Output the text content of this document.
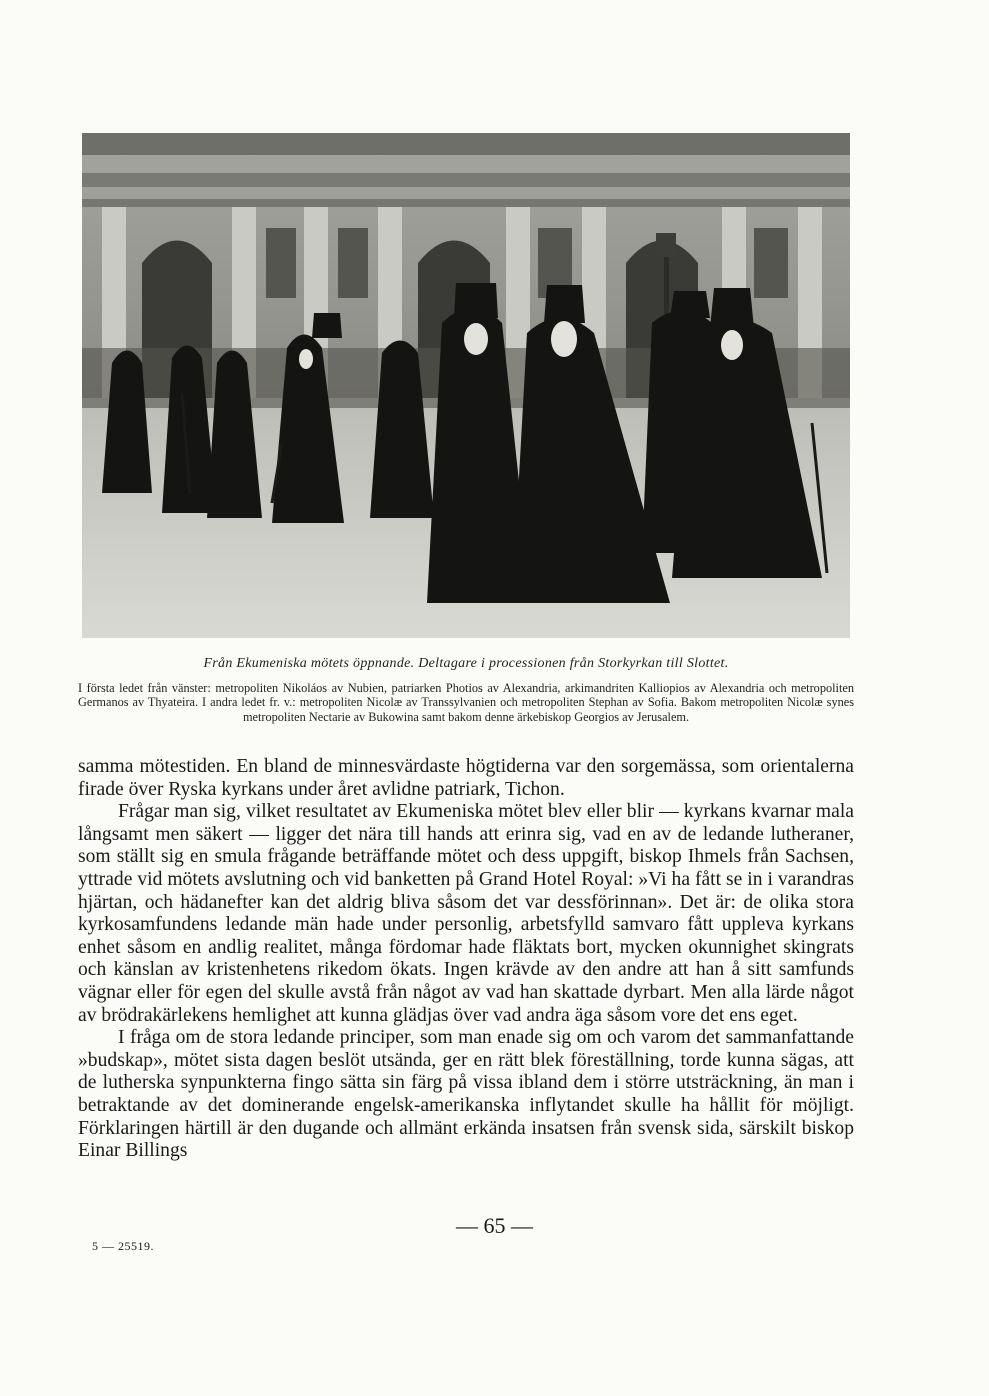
Från Ekumeniska mötets öppnande. Deltagare i processionen från Storkyrkan till Slottet.
I första ledet från vänster: metropoliten Nikoláos av Nubien, patriarken Photios av Alexandria, arkimandriten Kalliopios av Alexandria och metropoliten Germanos av Thyateira. I andra ledet fr. v.: metropoliten Nicolæ av Transsylvanien och metropoliten Stephan av Sofia. Bakom metropoliten Nicolæ synes metropoliten Nectarie av Bukowina samt bakom denne ärkebiskop Georgios av Jerusalem.

samma mötestiden. En bland de minnesvärdaste högtiderna var den sorgemässa, som orientalerna firade över Ryska kyrkans under året avlidne patriark, Tichon.

Frågar man sig, vilket resultatet av Ekumeniska mötet blev eller blir — kyrkans kvarnar mala långsamt men säkert — ligger det nära till hands att erinra sig, vad en av de ledande lutheraner, som ställt sig en smula frågande beträffande mötet och dess uppgift, biskop Ihmels från Sachsen, yttrade vid mötets avslutning och vid banketten på Grand Hotel Royal: »Vi ha fått se in i varandras hjärtan, och hädanefter kan det aldrig bliva såsom det var dessförinnan». Det är: de olika stora kyrkosamfundens ledande män hade under personlig, arbetsfylld samvaro fått uppleva kyrkans enhet såsom en andlig realitet, många fördomar hade fläktats bort, mycken okunnighet skingrats och känslan av kristenhetens rikedom ökats. Ingen krävde av den andre att han å sitt samfunds vägnar eller för egen del skulle avstå från något av vad han skattade dyrbart. Men alla lärde något av brödrakärlekens hemlighet att kunna glädjas över vad andra äga såsom vore det ens eget.

I fråga om de stora ledande principer, som man enade sig om och varom det sammanfattande »budskap», mötet sista dagen beslöt utsända, ger en rätt blek föreställning, torde kunna sägas, att de lutherska synpunkterna fingo sätta sin färg på vissa ibland dem i större utsträckning, än man i betraktande av det dominerande engelsk-amerikanska inflytandet skulle ha hållit för möjligt. Förklaringen härtill är den dugande och allmänt erkända insatsen från svensk sida, särskilt biskop Einar Billings

— 65 —
5 — 25519.
